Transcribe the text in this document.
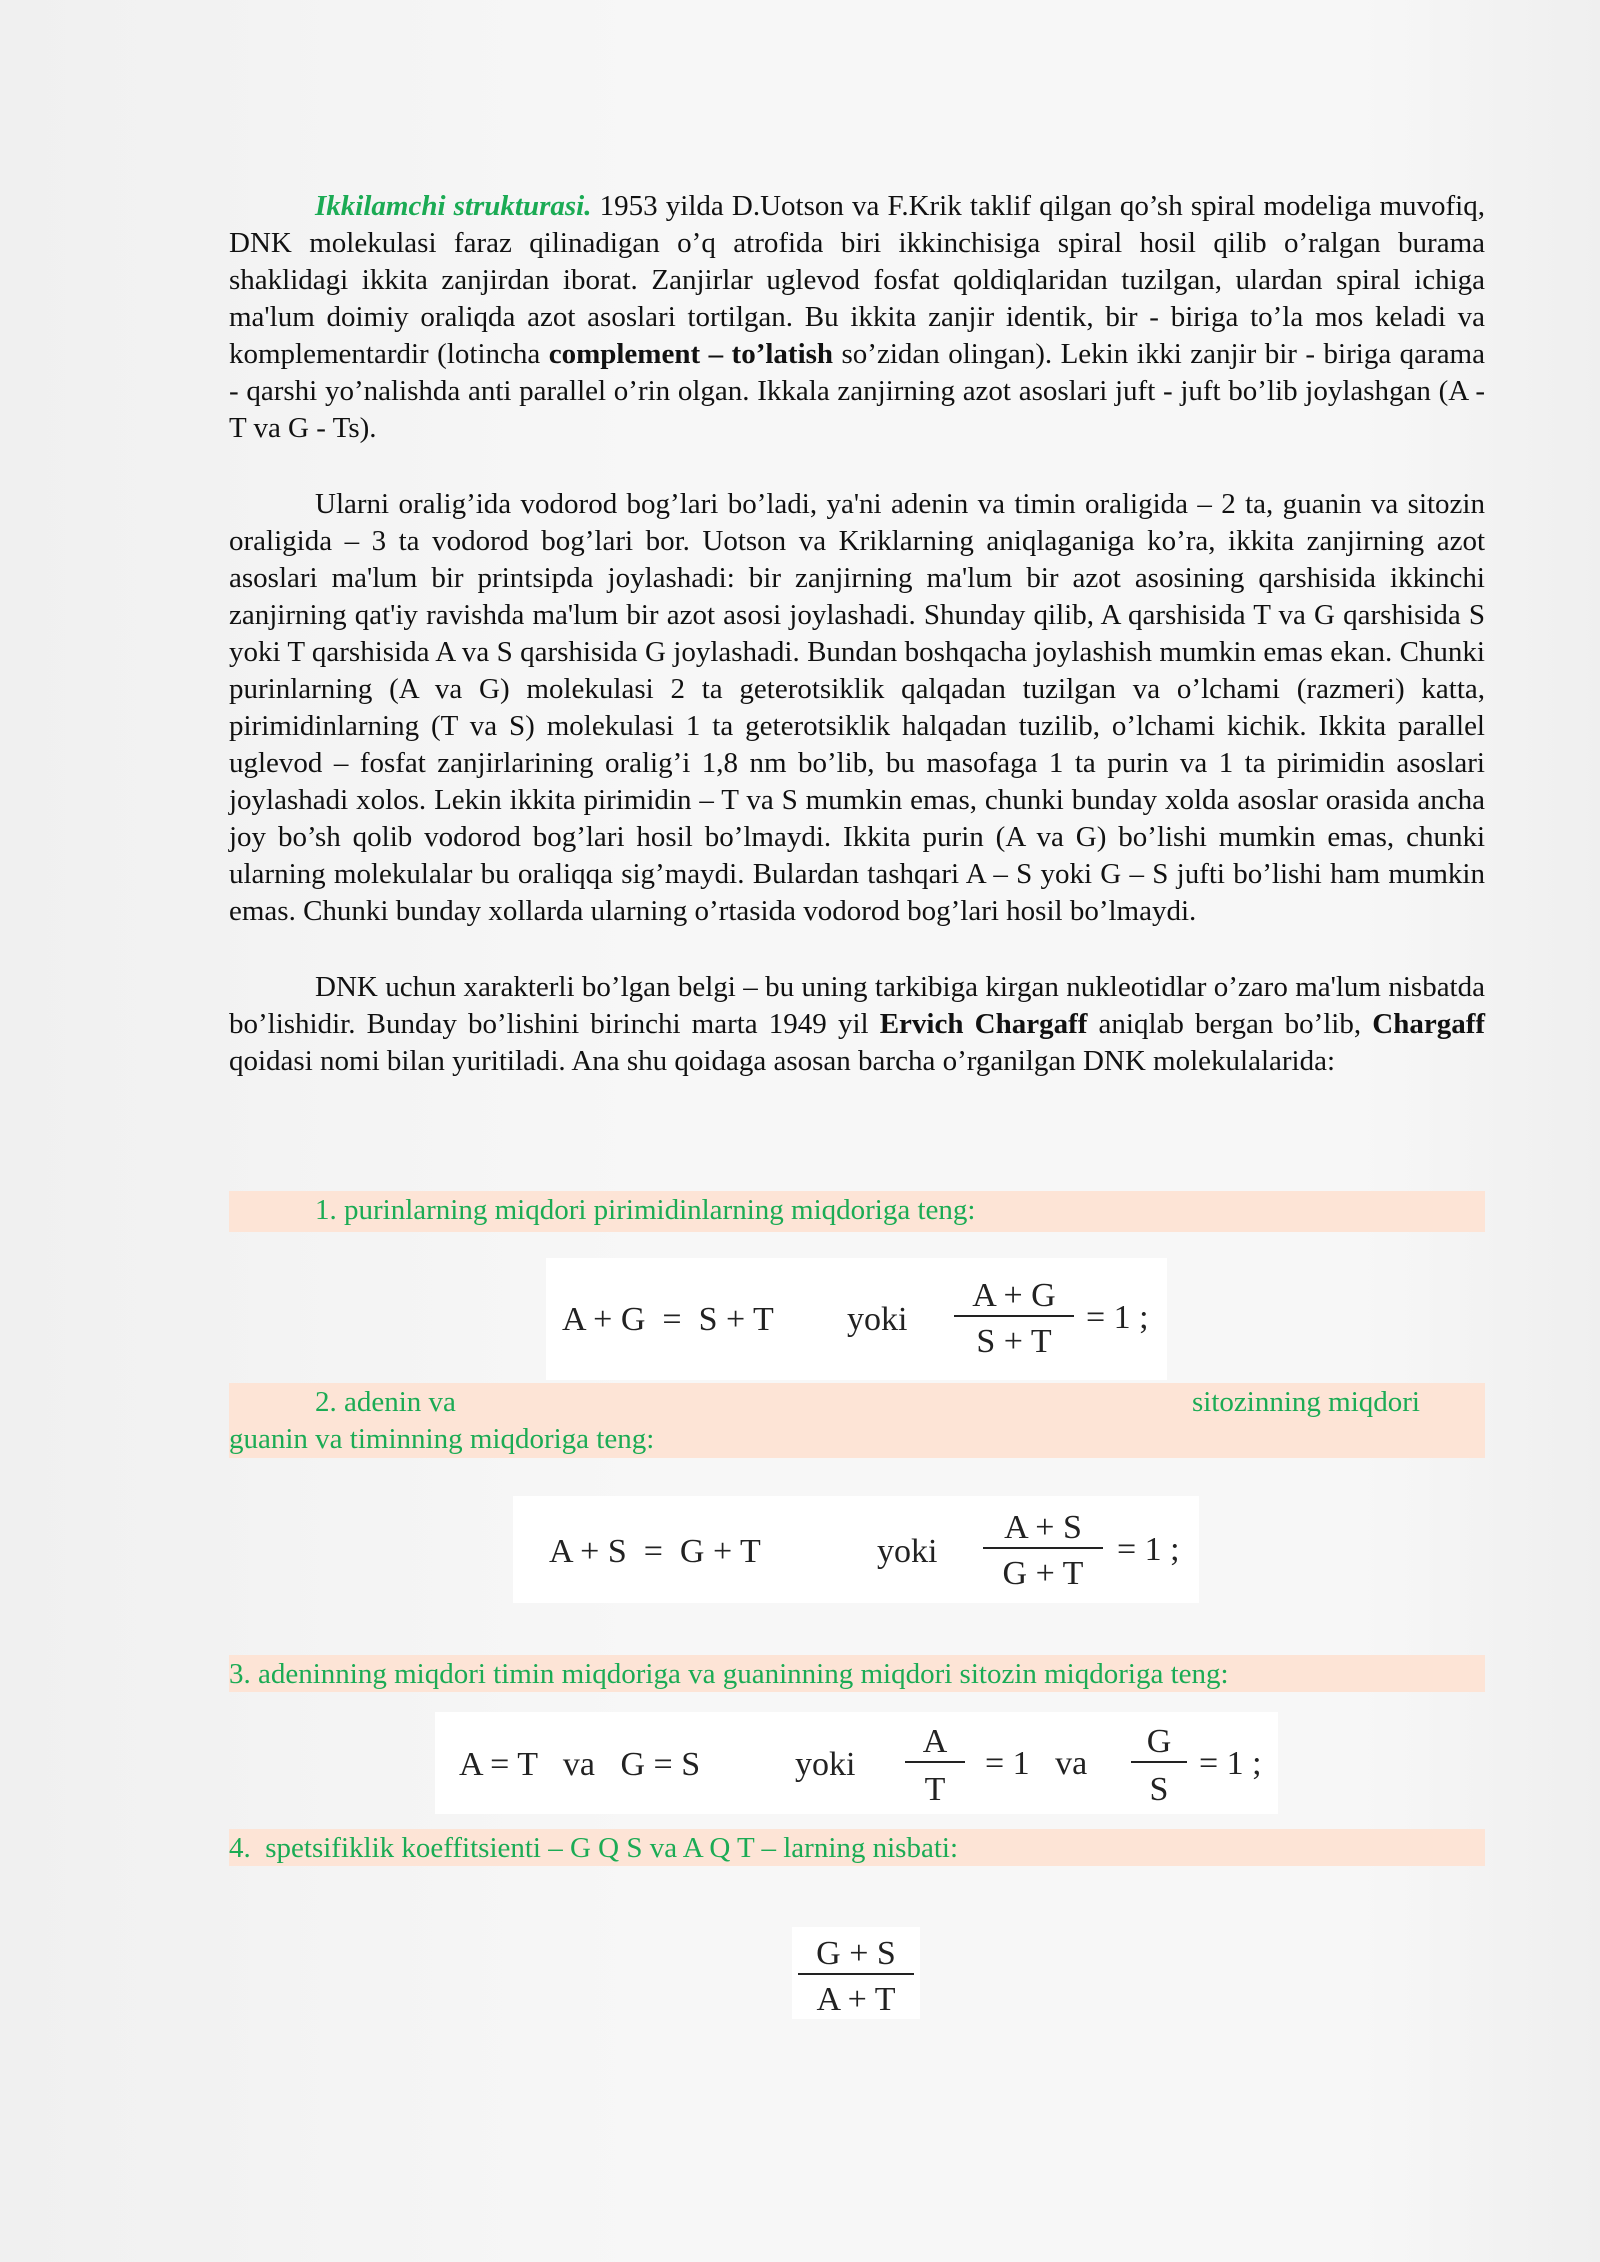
Ikkilamchi strukturasi. 1953 yilda D.Uotson va F.Krik taklif qilgan qo’sh spiral modeliga muvofiq, DNK molekulasi faraz qilinadigan o’q atrofida biri ikkinchisiga spiral hosil qilib o’ralgan burama shaklidagi ikkita zanjirdan iborat. Zanjirlar uglevod fosfat qoldiqlaridan tuzilgan, ulardan spiral ichiga ma'lum doimiy oraliqda azot asoslari tortilgan. Bu ikkita zanjir identik, bir - biriga to’la mos keladi va komplementardir (lotincha complement – to’latish so’zidan olingan). Lekin ikki zanjir bir - biriga qarama - qarshi yo’nalishda anti parallel o’rin olgan. Ikkala zanjirning azot asoslari juft - juft bo’lib joylashgan (A - T va G - Ts).

Ularni oralig’ida vodorod bog’lari bo’ladi, ya'ni adenin va timin oraligida – 2 ta, guanin va sitozin oraligida – 3 ta vodorod bog’lari bor. Uotson va Kriklarning aniqlaganiga ko’ra, ikkita zanjirning azot asoslari ma'lum bir printsipda joylashadi: bir zanjirning ma'lum bir azot asosining qarshisida ikkinchi zanjirning qat'iy ravishda ma'lum bir azot asosi joylashadi. Shunday qilib, A qarshisida T va G qarshisida S yoki T qarshisida A va S qarshisida G joylashadi. Bundan boshqacha joylashish mumkin emas ekan. Chunki purinlarning (A va G) molekulasi 2 ta geterotsiklik qalqadan tuzilgan va o’lchami (razmeri) katta, pirimidinlarning (T va S) molekulasi 1 ta geterotsiklik halqadan tuzilib, o’lchami kichik. Ikkita parallel uglevod – fosfat zanjirlarining oralig’i 1,8 nm bo’lib, bu masofaga 1 ta purin va 1 ta pirimidin asoslari joylashadi xolos. Lekin ikkita pirimidin – T va S mumkin emas, chunki bunday xolda asoslar orasida ancha joy bo’sh qolib vodorod bog’lari hosil bo’lmaydi. Ikkita purin (A va G) bo’lishi mumkin emas, chunki ularning molekulalar bu oraliqqa sig’maydi. Bulardan tashqari A – S yoki G – S jufti bo’lishi ham mumkin emas. Chunki bunday xollarda ularning o’rtasida vodorod bog’lari hosil bo’lmaydi.

DNK uchun xarakterli bo’lgan belgi – bu uning tarkibiga kirgan nukleotidlar o’zaro ma'lum nisbatda bo’lishidir. Bunday bo’lishini birinchi marta 1949 yil Ervich Chargaff aniqlab bergan bo’lib, Chargaff qoidasi nomi bilan yuritiladi. Ana shu qoidaga asosan barcha o’rganilgan DNK molekulalarida:

1. purinlarning miqdori pirimidinlarning miqdoriga teng:
A + G  =  S + T yoki
A + G
S + T
= 1 ;
2. adenin va	sitozinning miqdori
guanin va timinning miqdoriga teng:
A + S  =  G + T	yoki
A + S
G + T
= 1 ;
3. adeninning miqdori timin miqdoriga va guaninning miqdori sitozin miqdoriga teng:
A = T   va   G = S	yoki
A
T
= 1   va
G
S
= 1 ;
4.  spetsifiklik koeffitsienti – G Q S va A Q T – larning nisbati:
G + S
A + T
